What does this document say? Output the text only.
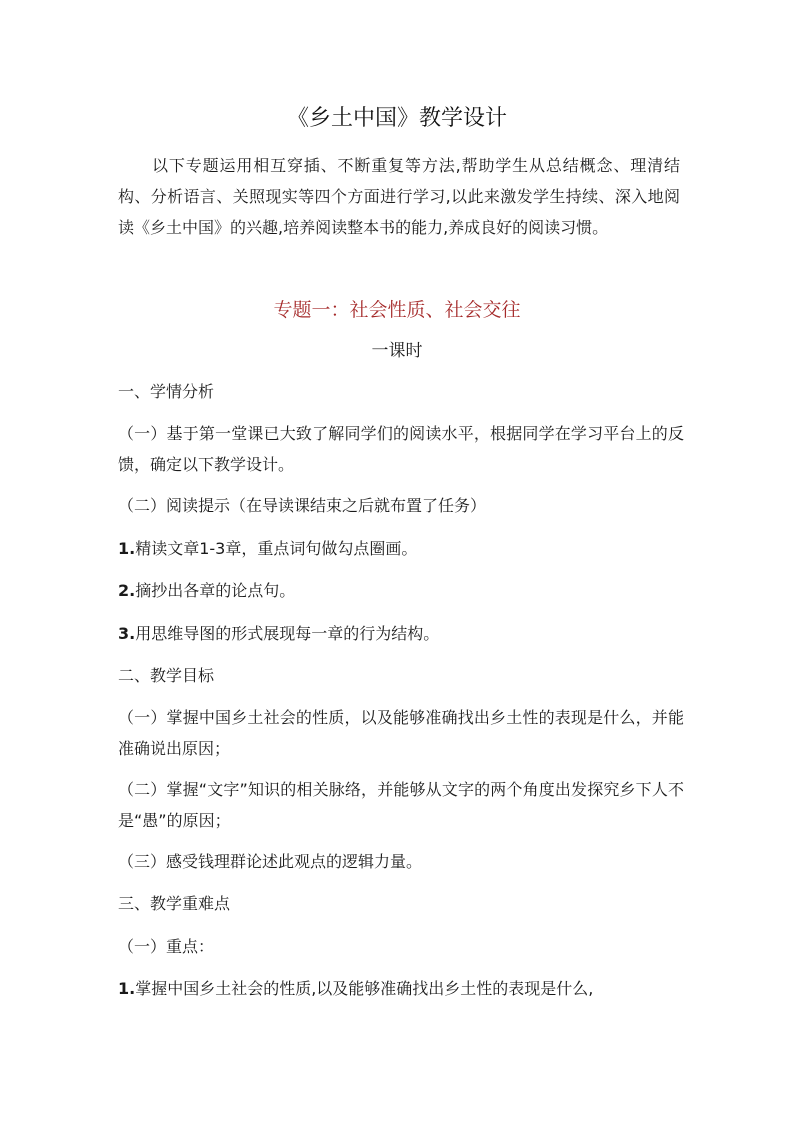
《乡土中国》教学设计

以下专题运用相互穿插、不断重复等方法,帮助学生从总结概念、理清结构、分析语言、关照现实等四个方面进行学习,以此来激发学生持续、深入地阅读《乡土中国》的兴趣,培养阅读整本书的能力,养成良好的阅读习惯。

专题一：社会性质、社会交往
一课时

一、学情分析

（一）基于第一堂课已大致了解同学们的阅读水平，根据同学在学习平台上的反馈，确定以下教学设计。

（二）阅读提示（在导读课结束之后就布置了任务）

1.精读文章1-3章，重点词句做勾点圈画。

2.摘抄出各章的论点句。

3.用思维导图的形式展现每一章的行为结构。

二、教学目标

（一）掌握中国乡土社会的性质，以及能够准确找出乡土性的表现是什么，并能准确说出原因；

（二）掌握“文字”知识的相关脉络，并能够从文字的两个角度出发探究乡下人不是“愚”的原因；

（三）感受钱理群论述此观点的逻辑力量。

三、教学重难点

（一）重点：

1.掌握中国乡土社会的性质,以及能够准确找出乡土性的表现是什么,
